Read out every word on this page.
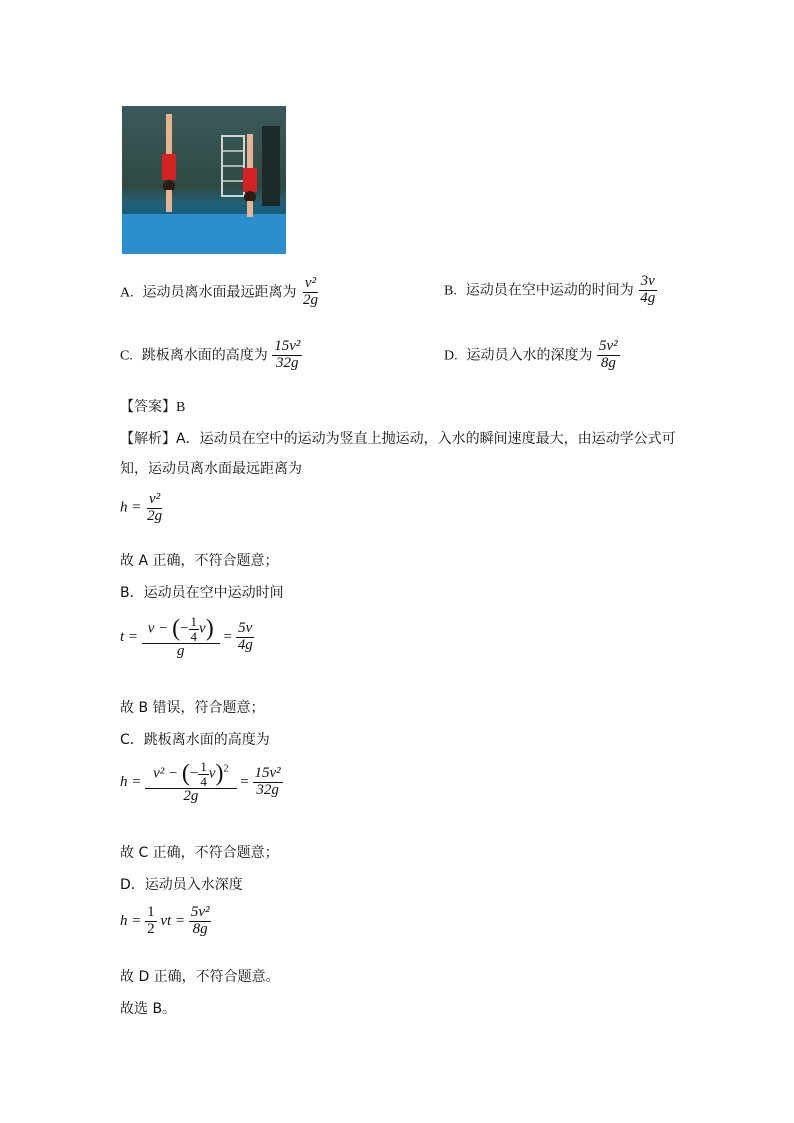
A. 运动员离水面最远距离为 $\frac{\text{v²}}{2g}$	B. 运动员在空中运动的时间为 $\frac{3v}{4g}$
C. 跳板离水面的高度为 $\frac{\text{15v²}}{32g}$	D. 运动员入水的深度为 $\frac{\text{5v²}}{8g}$
【答案】B
【解析】A．运动员在空中的运动为竖直上抛运动，入水的瞬间速度最大，由运动学公式可
知，运动员离水面最远距离为
$h = \frac{\text{v²}}{2g}$
故 A 正确，不符合题意；
B．运动员在空中运动时间
$t = \frac{v - (- \frac{1}{4} v)}{g} = \frac{5v}{4g}$
故 B 错误，符合题意；
C．跳板离水面的高度为
$h = \frac{v^2 - (- \frac{1}{4} v)^2}{2g} = \frac{\text{15v²}}{32g}$
故 C 正确，不符合题意；
D．运动员入水深度
$h = \frac{1}{2}$ vt = $\frac{\text{5v²}}{8g}$
故 D 正确，不符合题意。
故选 B。
